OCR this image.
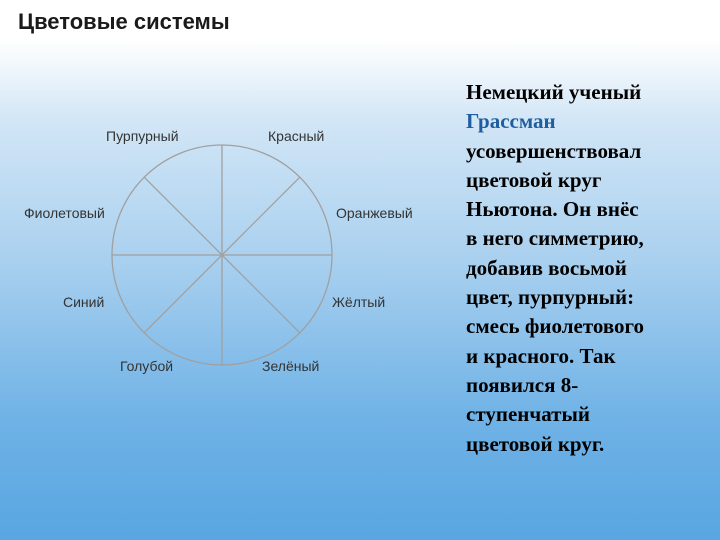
Цветовые системы
Пурпурный	Красный
Фиолетовый	Оранжевый
Синий	Жёлтый
Голубой	Зелёный
Немецкий ученый
Грассман
усовершенствовал
цветовой круг
Ньютона. Он внёс
в него симметрию,
добавив восьмой
цвет, пурпурный:
смесь фиолетового
и красного. Так
появился 8-
ступенчатый
цветовой круг.
